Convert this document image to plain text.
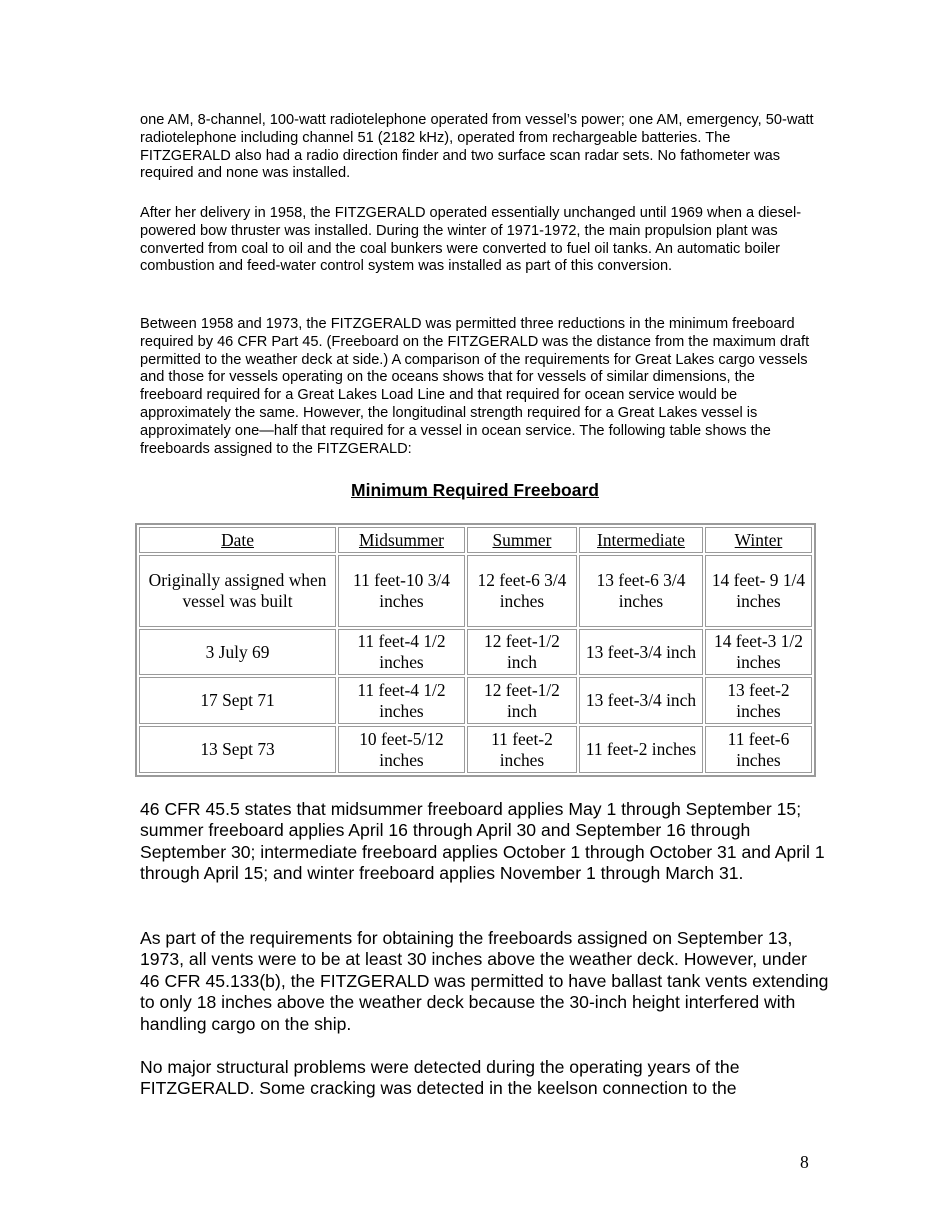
one AM, 8-channel, 100-watt radiotelephone operated from vessel’s power; one AM, emergency, 50-watt radiotelephone including channel 51 (2182 kHz), operated from rechargeable batteries. The FITZGERALD also had a radio direction finder and two surface scan radar sets. No fathometer was required and none was installed.

After her delivery in 1958, the FITZGERALD operated essentially unchanged until 1969 when a diesel-powered bow thruster was installed. During the winter of 1971-1972, the main propulsion plant was converted from coal to oil and the coal bunkers were converted to fuel oil tanks. An automatic boiler combustion and feed-water control system was installed as part of this conversion.

Between 1958 and 1973, the FITZGERALD was permitted three reductions in the minimum freeboard required by 46 CFR Part 45. (Freeboard on the FITZGERALD was the distance from the maximum draft permitted to the weather deck at side.) A comparison of the requirements for Great Lakes cargo vessels and those for vessels operating on the oceans shows that for vessels of similar dimensions, the freeboard required for a Great Lakes Load Line and that required for ocean service would be approximately the same. However, the longitudinal strength required for a Great Lakes vessel is approximately one—half that required for a vessel in ocean service. The following table shows the freeboards assigned to the FITZGERALD:

Minimum Required Freeboard
Date	Midsummer	Summer	Intermediate	Winter
Originally assigned when vessel was built	11 feet-10 3/4 inches	12 feet-6 3/4 inches	13 feet-6 3/4 inches	14 feet- 9 1/4 inches
3 July 69	11 feet-4 1/2 inches	12 feet-1/2 inch	13 feet-3/4 inch	14 feet-3 1/2 inches
17 Sept 71	11 feet-4 1/2 inches	12 feet-1/2 inch	13 feet-3/4 inch	13 feet-2 inches
13 Sept 73	10 feet-5/12 inches	11 feet-2 inches	11 feet-2 inches	11 feet-6 inches

46 CFR 45.5 states that midsummer freeboard applies May 1 through September 15; summer freeboard applies April 16 through April 30 and September 16 through September 30; intermediate freeboard applies October 1 through October 31 and April 1 through April 15; and winter freeboard applies November 1 through March 31.

As part of the requirements for obtaining the freeboards assigned on September 13, 1973, all vents were to be at least 30 inches above the weather deck. However, under 46 CFR 45.133(b), the FITZGERALD was permitted to have ballast tank vents extending to only 18 inches above the weather deck because the 30-inch height interfered with handling cargo on the ship.

No major structural problems were detected during the operating years of the FITZGERALD. Some cracking was detected in the keelson connection to the

8
